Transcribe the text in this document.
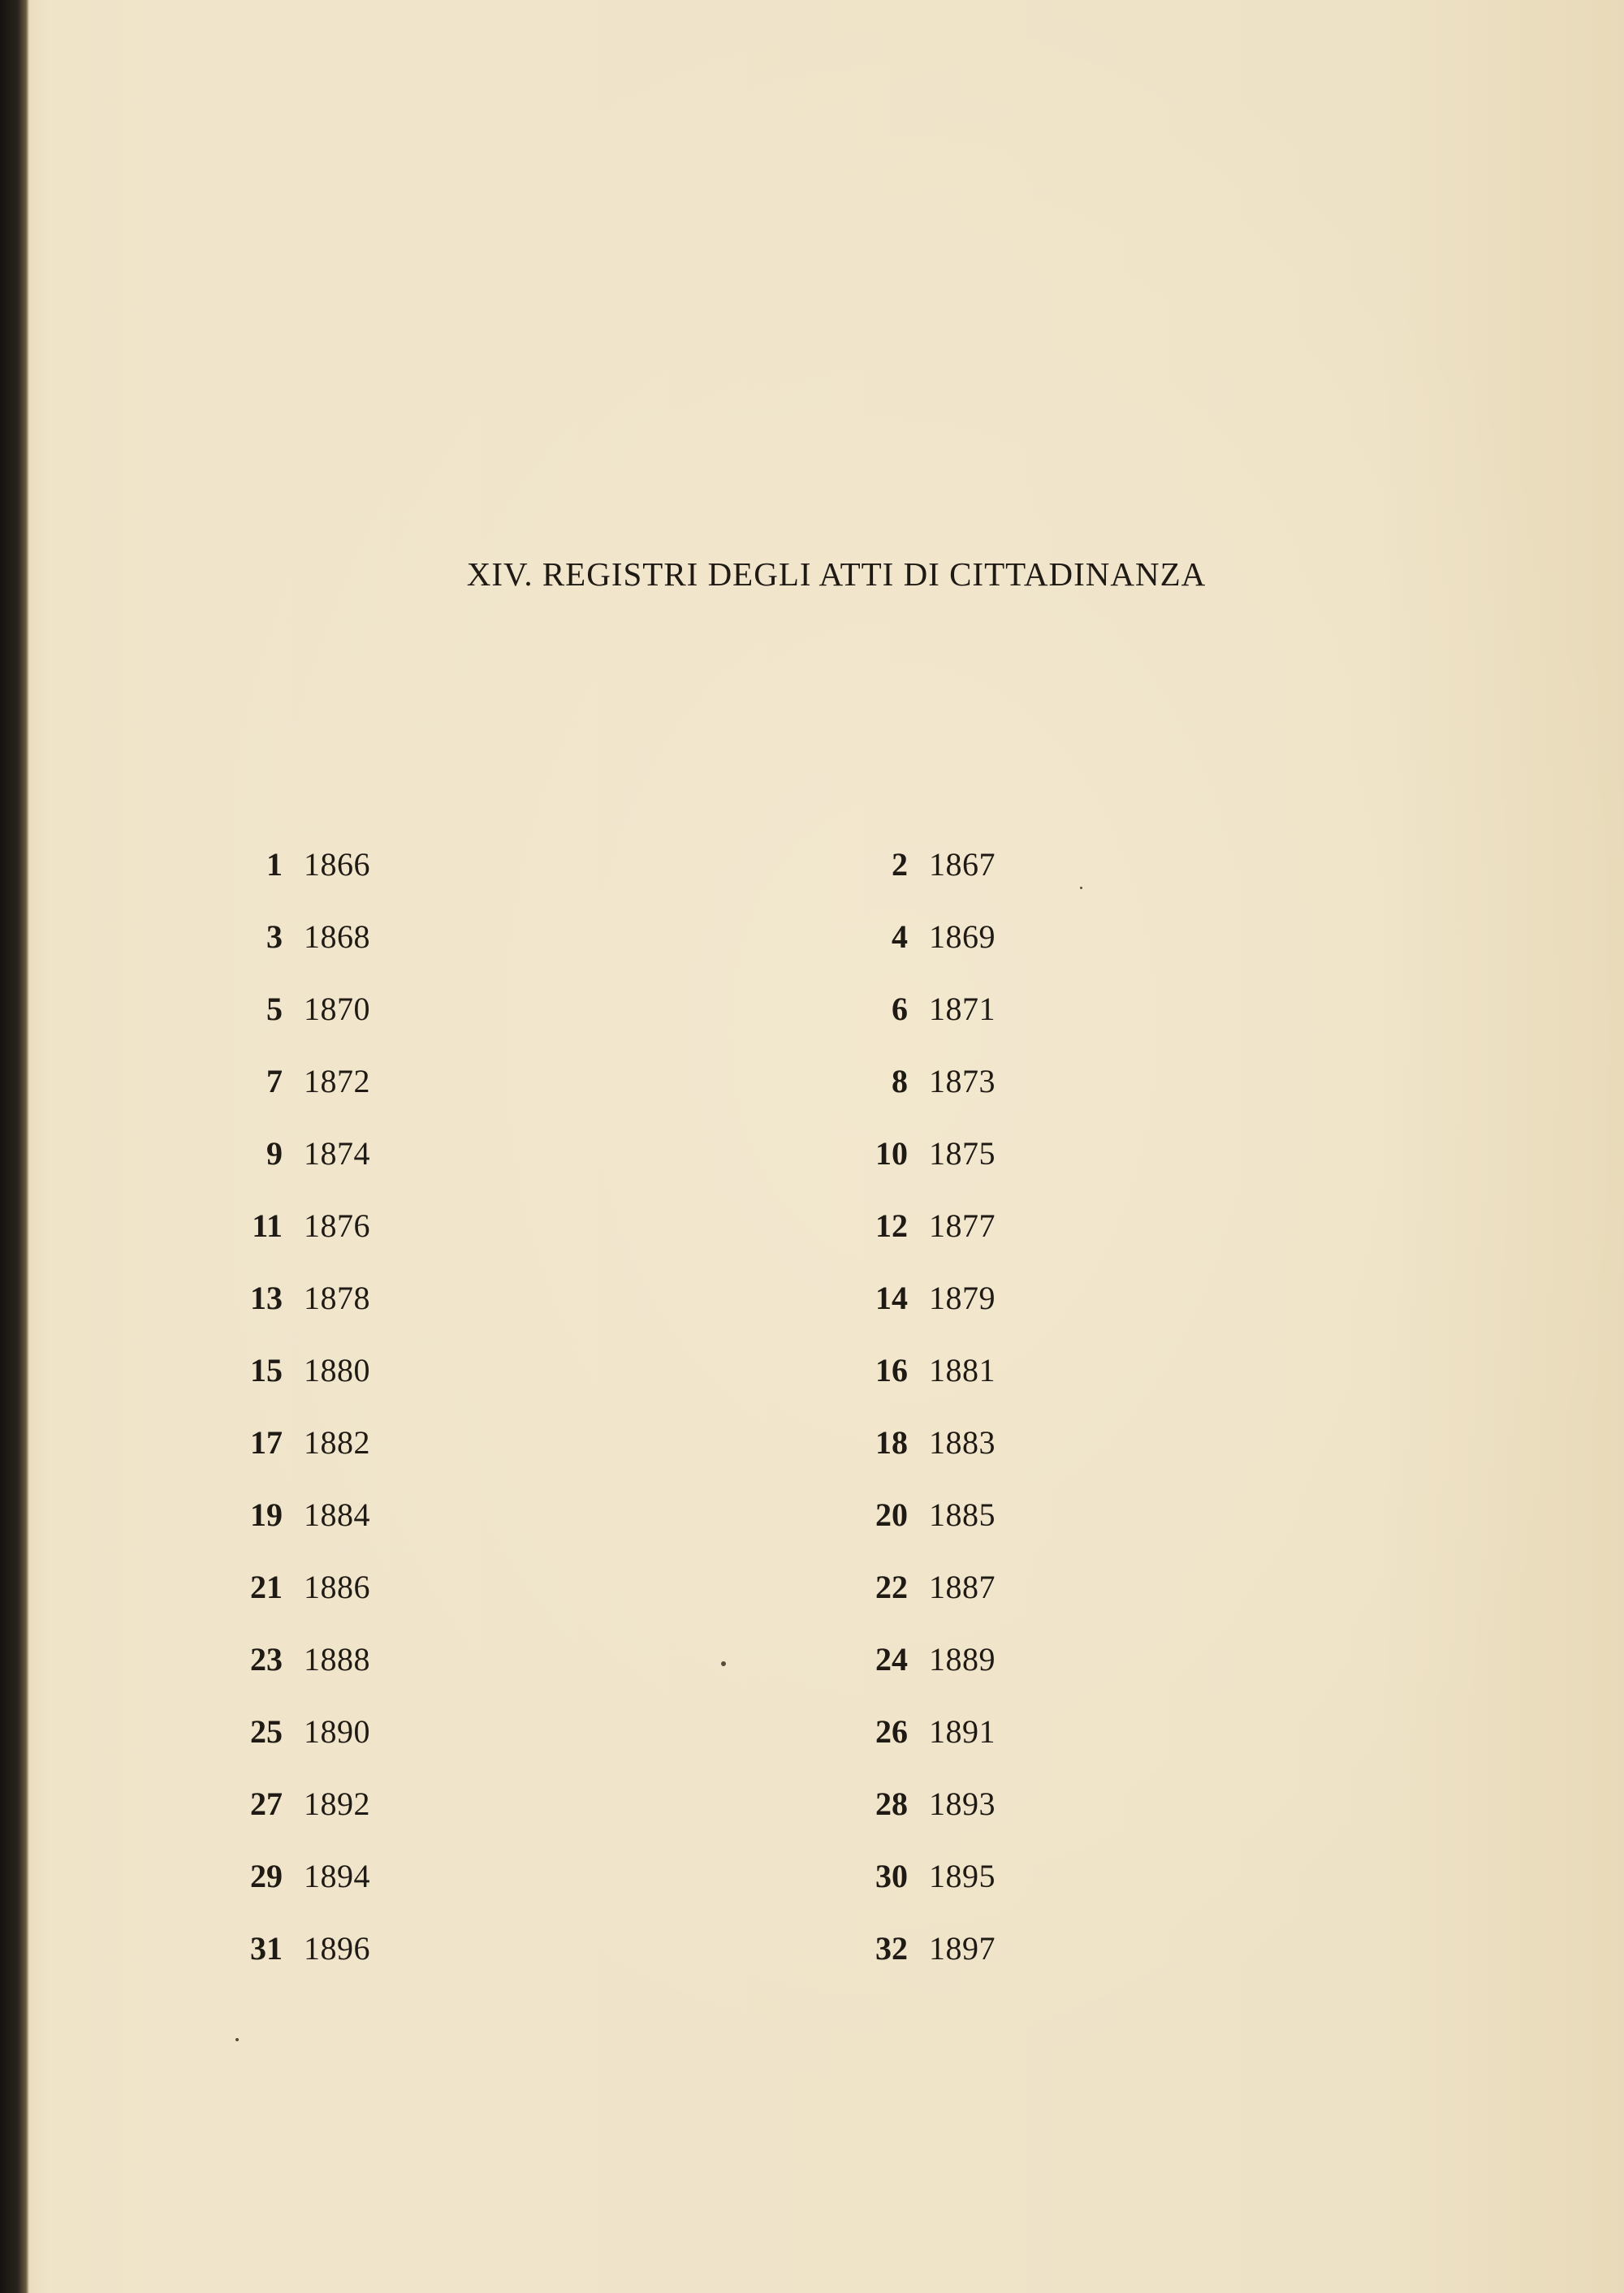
XIV. REGISTRI DEGLI ATTI DI CITTADINANZA
1 1866
3 1868
5 1870
7 1872
9 1874
11 1876
13 1878
15 1880
17 1882
19 1884
21 1886
23 1888
25 1890
27 1892
29 1894
31 1896
2 1867
4 1869
6 1871
8 1873
10 1875
12 1877
14 1879
16 1881
18 1883
20 1885
22 1887
24 1889
26 1891
28 1893
30 1895
32 1897
